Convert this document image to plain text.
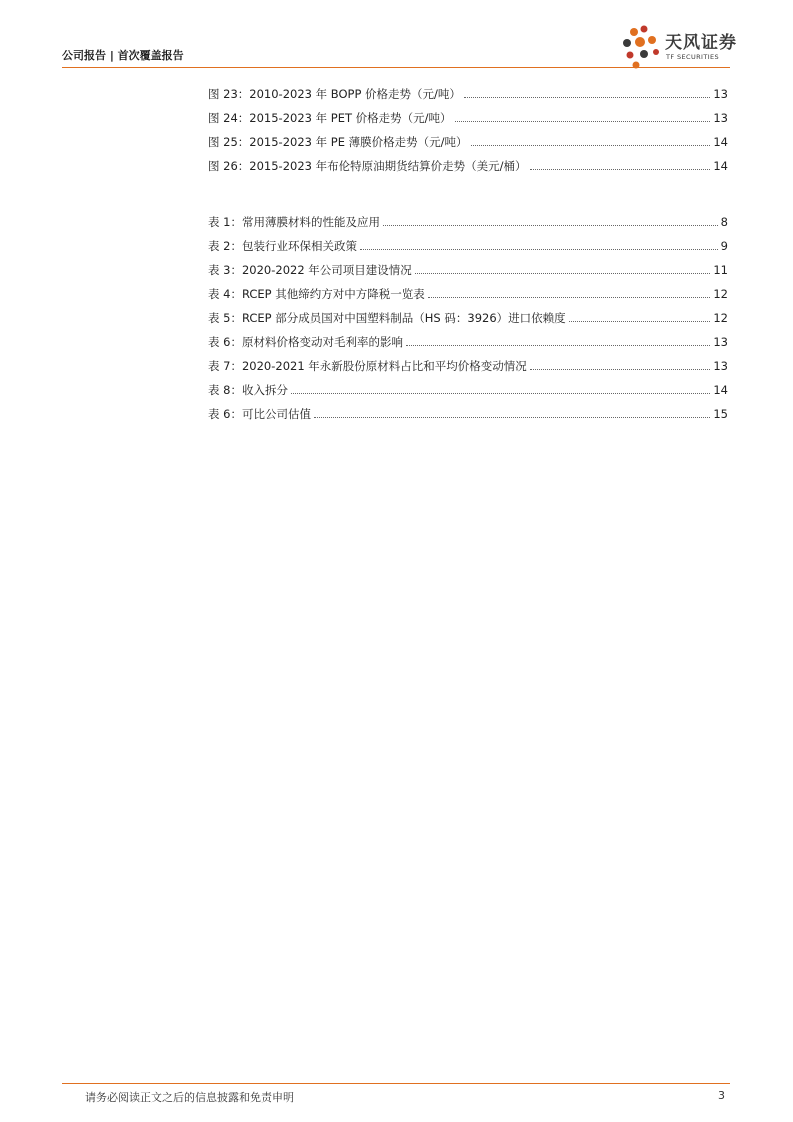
公司报告 | 首次覆盖报告
天风证券
TF SECURITIES
图 23：2010-2023 年 BOPP 价格走势（元/吨）	13
图 24：2015-2023 年 PET 价格走势（元/吨）	13
图 25：2015-2023 年 PE 薄膜价格走势（元/吨）	14
图 26：2015-2023 年布伦特原油期货结算价走势（美元/桶）	14
表 1：常用薄膜材料的性能及应用	8
表 2：包装行业环保相关政策	9
表 3：2020-2022 年公司项目建设情况	11
表 4：RCEP 其他缔约方对中方降税一览表	12
表 5：RCEP 部分成员国对中国塑料制品（HS 码：3926）进口依赖度	12
表 6：原材料价格变动对毛利率的影响	13
表 7：2020-2021 年永新股份原材料占比和平均价格变动情况	13
表 8：收入拆分	14
表 6：可比公司估值	15
请务必阅读正文之后的信息披露和免责申明	3
